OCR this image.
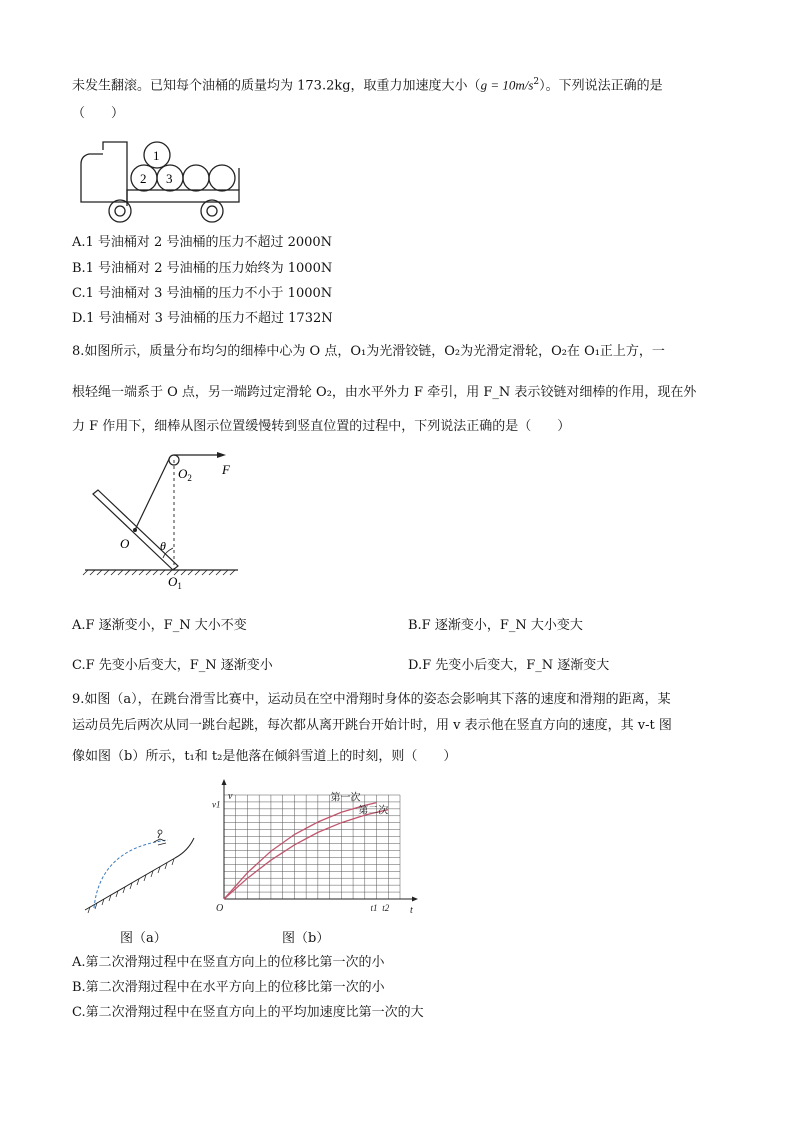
未发生翻滚。已知每个油桶的质量均为 173.2kg，取重力加速度大小$(g = 10m/s^2)$。下列说法正确的是
（　　）
1
2 3
A.1 号油桶对 2 号油桶的压力不超过 2000N
B.1 号油桶对 2 号油桶的压力始终为 1000N
C.1 号油桶对 3 号油桶的压力不小于 1000N
D.1 号油桶对 3 号油桶的压力不超过 1732N
8.如图所示，质量分布均匀的细棒中心为 O 点，O₁为光滑铰链，O₂为光滑定滑轮，O₂在 O₁正上方，一
根轻绳一端系于 O 点，另一端跨过定滑轮 O₂，由水平外力 F 牵引，用 F_N 表示铰链对细棒的作用，现在外
力 F 作用下，细棒从图示位置缓慢转到竖直位置的过程中，下列说法正确的是（　　）
$O_2$
F
O	θ
$O_1$
A.F 逐渐变小，F_N 大小不变	B.F 逐渐变小，F_N 大小变大
C.F 先变小后变大，F_N 逐渐变小	D.F 先变小后变大，F_N 逐渐变大
9.如图（a），在跳台滑雪比赛中，运动员在空中滑翔时身体的姿态会影响其下落的速度和滑翔的距离，某
运动员先后两次从同一跳台起跳，每次都从离开跳台开始计时，用 v 表示他在竖直方向的速度，其 v-t 图
像如图（b）所示，t₁和 t₂是他落在倾斜雪道上的时刻，则（　　）
v
t
O
第一次
第二次
v1
t1 t2
图（a）	图（b）
A.第二次滑翔过程中在竖直方向上的位移比第一次的小
B.第二次滑翔过程中在水平方向上的位移比第一次的小
C.第二次滑翔过程中在竖直方向上的平均加速度比第一次的大
